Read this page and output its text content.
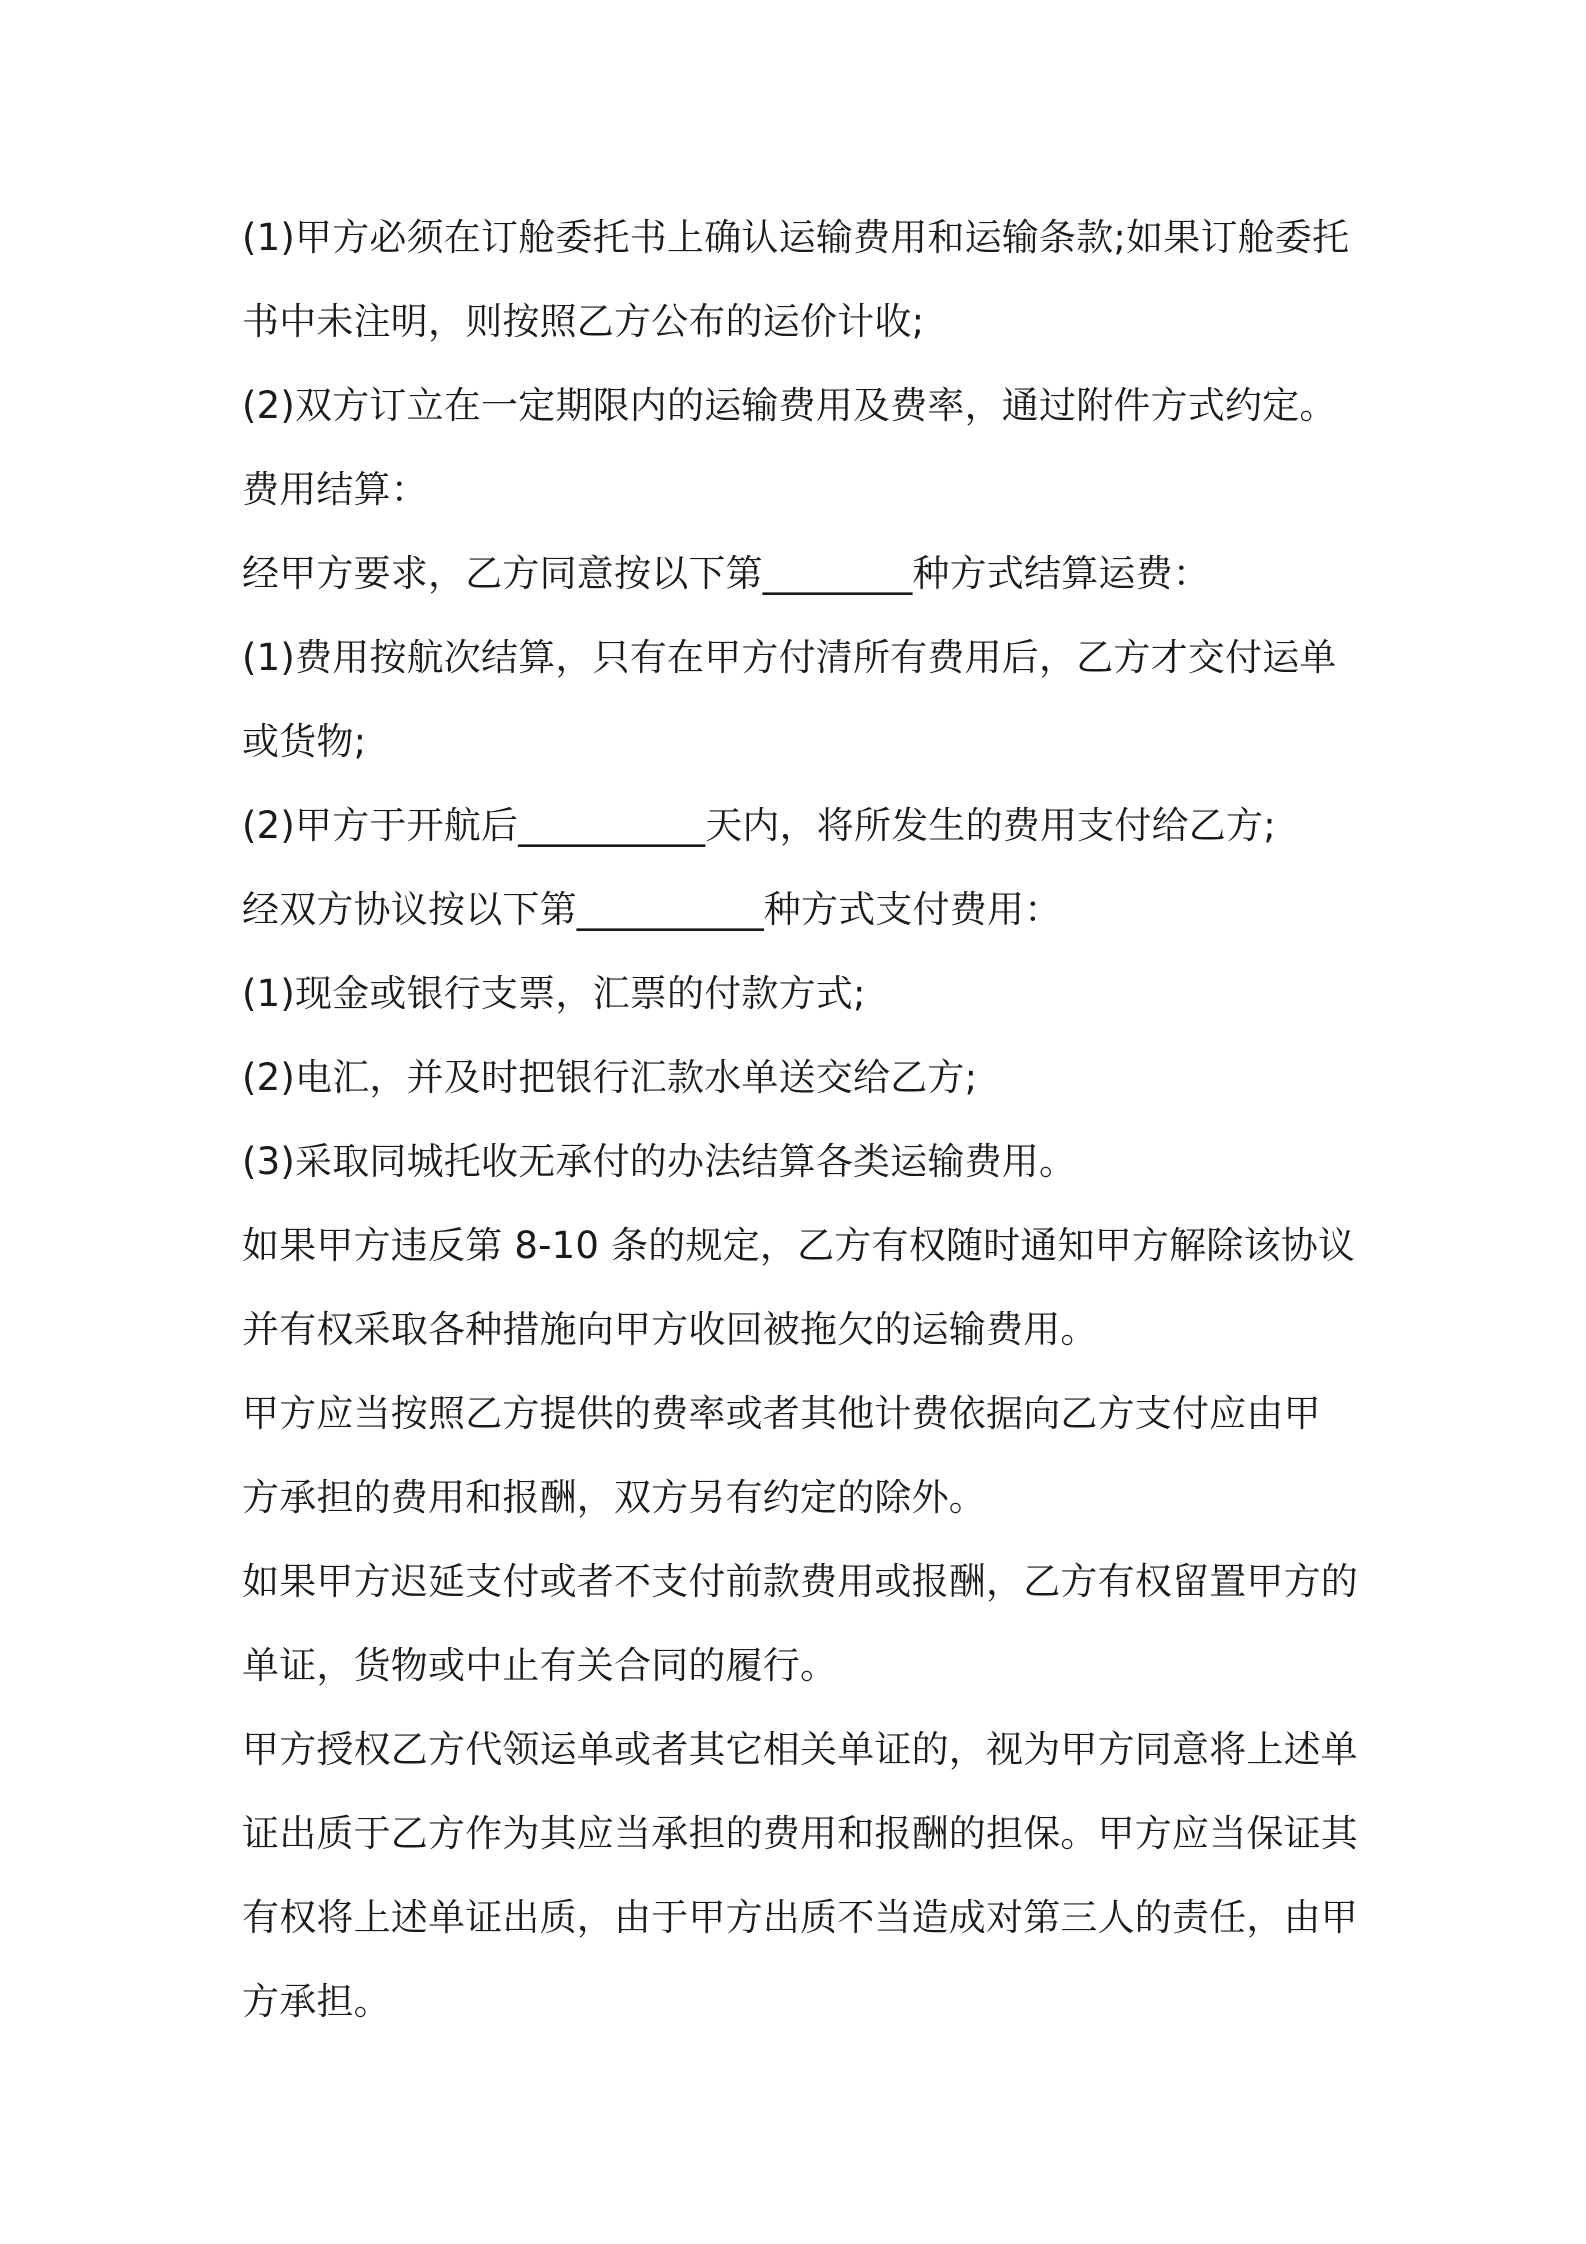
(1)甲方必须在订舱委托书上确认运输费用和运输条款;如果订舱委托
书中未注明，则按照乙方公布的运价计收;
(2)双方订立在一定期限内的运输费用及费率，通过附件方式约定。
费用结算：
经甲方要求，乙方同意按以下第________种方式结算运费：
(1)费用按航次结算，只有在甲方付清所有费用后，乙方才交付运单
或货物;
(2)甲方于开航后__________天内，将所发生的费用支付给乙方;
经双方协议按以下第__________种方式支付费用：
(1)现金或银行支票，汇票的付款方式;
(2)电汇，并及时把银行汇款水单送交给乙方;
(3)采取同城托收无承付的办法结算各类运输费用。
如果甲方违反第 8-10 条的规定，乙方有权随时通知甲方解除该协议
并有权采取各种措施向甲方收回被拖欠的运输费用。
甲方应当按照乙方提供的费率或者其他计费依据向乙方支付应由甲
方承担的费用和报酬，双方另有约定的除外。
如果甲方迟延支付或者不支付前款费用或报酬，乙方有权留置甲方的
单证，货物或中止有关合同的履行。
甲方授权乙方代领运单或者其它相关单证的，视为甲方同意将上述单
证出质于乙方作为其应当承担的费用和报酬的担保。甲方应当保证其
有权将上述单证出质，由于甲方出质不当造成对第三人的责任，由甲
方承担。
